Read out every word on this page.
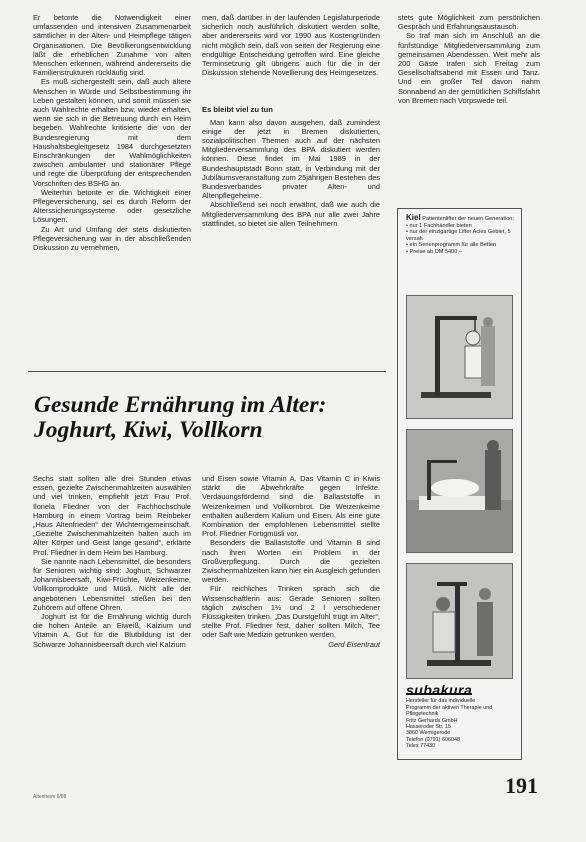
Er betonte die Notwendigkeit einer umfassenden und intensiven Zusammenarbeit sämtlicher in der Alten- und Heimpflege tätigen Organisationen. Die Bevölkerungsentwicklung läßt die erheblichen Zunahme von alten Menschen erkennen, während andererseits die Familienstrukturen rückläufig sind.

Es muß sichergestellt sein, daß auch ältere Menschen in Würde und Selbstbestimmung ihr Leben gestalten können, und somit müssen sie auch Wahlrechte erhalten bzw. wieder erhalten, wenn sie sich in die Betreuung durch ein Heim begeben. Wahlrechte kritisierte die von der Bundesregierung mit dem Haushaltsbegleitgesetz 1984 durchgesetzten Einschränkungen der Wahlmöglichkeiten zwischen ambulanter und stationärer Pflege und regte die Überprüfung der entsprechenden Vorschriften des BSHG an.

Weiterhin betonte er die Wichtigkeit einer Pflegeversicherung, sei es durch Reform der Alterssicherungssysteme oder gesetzliche Lösungen.

Zu Art und Umfang der stets diskutierten Pflegeversicherung war in der abschließenden Diskussion zu vernehmen,

men, daß darüber in der laufenden Legislaturperiode sicherlich noch ausführlich diskutiert werden sollte, aber andererseits wird vor 1990 aus Kostengründen nicht möglich sein, daß von seiten der Regierung eine endgültige Entscheidung getroffen wird. Eine gleiche Terminsetzung gilt übrigens auch für die in der Diskussion stehende Novellierung des Heimgesetzes.

Es bleibt viel zu tun

Man kann also davon ausgehen, daß zumindest einige der jetzt in Bremen diskutierten, sozialpolitischen Themen auch auf der nächsten Mitgliederversammlung des BPA diskutiert werden können. Diese findet im Mai 1989 in der Bundeshauptstadt Bonn statt, in Verbindung mit der Jubiläumsveranstaltung zum 25jährigen Bestehen des Bundesverbandes privater Alten- und Altenpflegeheime.

Abschließend sei noch erwähnt, daß wie auch die Mitgliederversammlung des BPA nur alle zwei Jahre stattfindet, so bietet sie allen Teilnehmern

stets gute Möglichkeit zum persönlichen Gespräch und Erfahrungsaustausch.

So traf man sich im Anschluß an die fünfstündige Mitgliederversammlung zum gemeinsamen Abendessen. Weit mehr als 200 Gäste trafen sich Freitag zum Gesellschaftsabend mit Essen und Tanz. Und ein großer Teil davon nahm Sonnabend an der gemütlichen Schiffsfahrt von Bremen nach Vorpswede teil.

Gesunde Ernährung im Alter:
Joghurt, Kiwi, Vollkorn

Sechs statt sollten alle drei Stunden etwas essen, gezielte Zwischenmahlzeiten auswählen und viel trinken, empfiehlt jetzt Frau Prof. Ilonela Fliedner von der Fachhochschule Hamburg in einem Vortrag beim Reinbeker „Haus Altenfrieden“ der Wichterngemeinschaft. „Gezielte Zwischenmahlzeiten halten auch im Alter Körper und Geist lange gesund“, erklärte Prof. Fliedner in dem Heim bei Hamburg.

Sie nannte nach Lebensmittel, die besonders für Senioren wichtig sind: Joghurt, Schwarzer Johannisbeersaft, Kiwi-Früchte, Weizenkeime, Vollkornprodukte und Müsli. Nicht alle der angebotenen Lebensmittel stießen bei den Zuhörern auf offene Ohren.

Joghurt ist für die Ernährung wichtig durch die hohen Anteile an Eiweiß, Kalzium und Vitamin A. Gut für die Blutbildung ist der Schwarze Johannisbeersaft durch viel Kalzium

und Eisen sowie Vitamin A. Das Vitamin C in Kiwis stärkt die Abwehrkräfte gegen Infekte. Verdauungsfördernd sind die Ballaststoffe in Weizenkeimen und Vollkornbrot. Die Weizenkeime enthalten außerdem Kalium und Eisen. Als eine gute Kombination der empfohlenen Lebensmittel stellte Prof. Fliedner Fortigmüsli vor.

Besonders die Ballaststoffe und Vitamin B sind nach ihren Worten ein Problem in der Großverpflegung. Durch die gezielten Zwischenmahlzeiten kann hier ein Ausgleich gefunden werden.

Für reichliches Trinken sprach sich die Wissenschaftlerin aus: Gerade Senioren sollten täglich zwischen 1½ und 2 l verschiedener Flüssigkeiten trinken. „Das Durstgefühl trügt im Alter“, stellte Prof. Fliedner fest, daher sollten Milch, Tee oder Saft wie Medizin getrunken werden.
Gerd Eisentraut

Kiel Patientenlifter der neuen Generation:
• nur 1 Fachhändler bieten
• nur der einzigartige Lifter Acies Gebiet, 5 versah
• ein Serienprogramm für alle Betten
• Preise ab DM 5400,–
subakura
Hersteller für das individuelle
Programm der aktiven Therapie und
Pflegetechnik
Fritz Gerhards GmbH
Hasseroder Str. 15
3860 Wernigerode
Telefon (0791) 606048
Telex 77430
191
Altenheim 6/88
